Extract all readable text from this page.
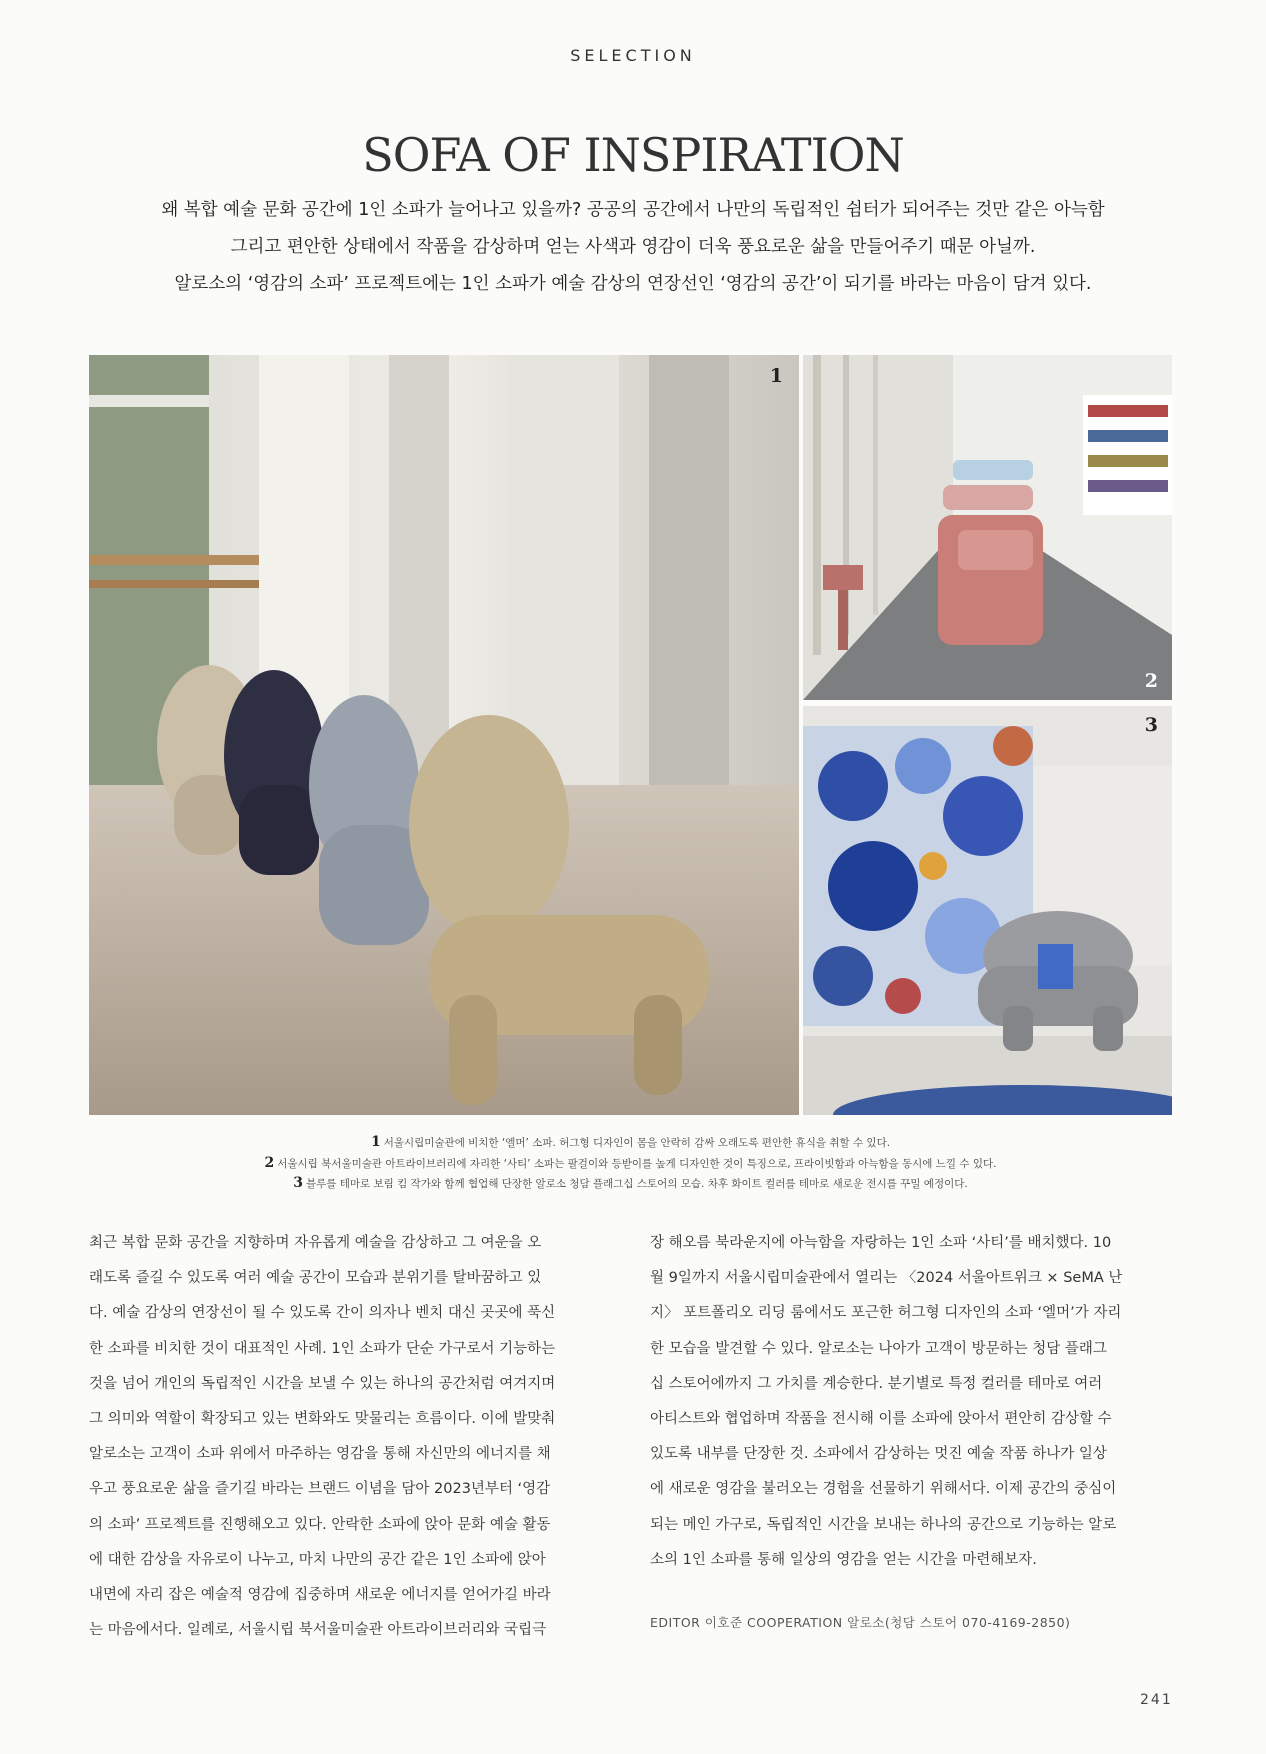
SELECTION
SOFA OF INSPIRATION
왜 복합 예술 문화 공간에 1인 소파가 늘어나고 있을까? 공공의 공간에서 나만의 독립적인 쉼터가 되어주는 것만 같은 아늑함
그리고 편안한 상태에서 작품을 감상하며 얻는 사색과 영감이 더욱 풍요로운 삶을 만들어주기 때문 아닐까.
알로소의 ‘영감의 소파’ 프로젝트에는 1인 소파가 예술 감상의 연장선인 ‘영감의 공간’이 되기를 바라는 마음이 담겨 있다.
1
2
3
1 서울시립미술관에 비치한 ‘엘머’ 소파. 허그형 디자인이 몸을 안락히 감싸 오래도록 편안한 휴식을 취할 수 있다.
2 서울시립 북서울미술관 아트라이브러리에 자리한 ‘사티’ 소파는 팔걸이와 등받이를 높게 디자인한 것이 특징으로, 프라이빗함과 아늑함을 동시에 느낄 수 있다.
3 블루를 테마로 보림 킴 작가와 함께 협업해 단장한 알로소 청담 플래그십 스토어의 모습. 차후 화이트 컬러를 테마로 새로운 전시를 꾸밀 예정이다.
최근 복합 문화 공간을 지향하며 자유롭게 예술을 감상하고 그 여운을 오
래도록 즐길 수 있도록 여러 예술 공간이 모습과 분위기를 탈바꿈하고 있
다. 예술 감상의 연장선이 될 수 있도록 간이 의자나 벤치 대신 곳곳에 푹신
한 소파를 비치한 것이 대표적인 사례. 1인 소파가 단순 가구로서 기능하는
것을 넘어 개인의 독립적인 시간을 보낼 수 있는 하나의 공간처럼 여겨지며
그 의미와 역할이 확장되고 있는 변화와도 맞물리는 흐름이다. 이에 발맞춰
알로소는 고객이 소파 위에서 마주하는 영감을 통해 자신만의 에너지를 채
우고 풍요로운 삶을 즐기길 바라는 브랜드 이념을 담아 2023년부터 ‘영감
의 소파’ 프로젝트를 진행해오고 있다. 안락한 소파에 앉아 문화 예술 활동
에 대한 감상을 자유로이 나누고, 마치 나만의 공간 같은 1인 소파에 앉아
내면에 자리 잡은 예술적 영감에 집중하며 새로운 에너지를 얻어가길 바라
는 마음에서다. 일례로, 서울시립 북서울미술관 아트라이브러리와 국립극
장 해오름 북라운지에 아늑함을 자랑하는 1인 소파 ‘사티’를 배치했다. 10
월 9일까지 서울시립미술관에서 열리는 〈2024 서울아트위크 × SeMA 난
지〉 포트폴리오 리딩 룸에서도 포근한 허그형 디자인의 소파 ‘엘머’가 자리
한 모습을 발견할 수 있다. 알로소는 나아가 고객이 방문하는 청담 플래그
십 스토어에까지 그 가치를 계승한다. 분기별로 특정 컬러를 테마로 여러
아티스트와 협업하며 작품을 전시해 이를 소파에 앉아서 편안히 감상할 수
있도록 내부를 단장한 것. 소파에서 감상하는 멋진 예술 작품 하나가 일상
에 새로운 영감을 불러오는 경험을 선물하기 위해서다. 이제 공간의 중심이
되는 메인 가구로, 독립적인 시간을 보내는 하나의 공간으로 기능하는 알로
소의 1인 소파를 통해 일상의 영감을 얻는 시간을 마련해보자.
EDITOR 이호준 COOPERATION 알로소(청담 스토어 070-4169-2850)
241
